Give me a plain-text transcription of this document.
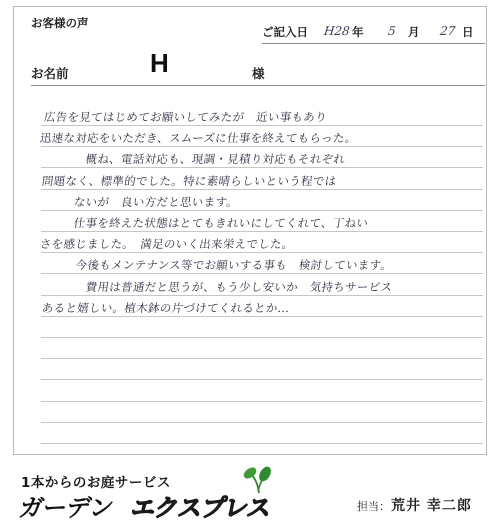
お客様の声
ご記入日 H28 年 5 月 27 日
お名前	H	様
広告を見てはじめてお願いしてみたが　近い事もあり
迅速な対応をいただき、スムーズに仕事を終えてもらった。
　概ね、電話対応も、現調・見積り対応もそれぞれ
問題なく、標準的でした。特に素晴らしいという程では
ないが　良い方だと思います。
　仕事を終えた状態はとてもきれいにしてくれて、丁ねい
さを感じました。　満足のいく出来栄えでした。
　今後もメンテナンス等でお願いする事も　検討しています。
　費用は普通だと思うが、もう少し安いか　気持ちサービス
あると嬉しい。植木鉢の片づけてくれるとか…
1本からのお庭サービス
ガーデン エクスプレス	担当： 荒井 幸二郎
